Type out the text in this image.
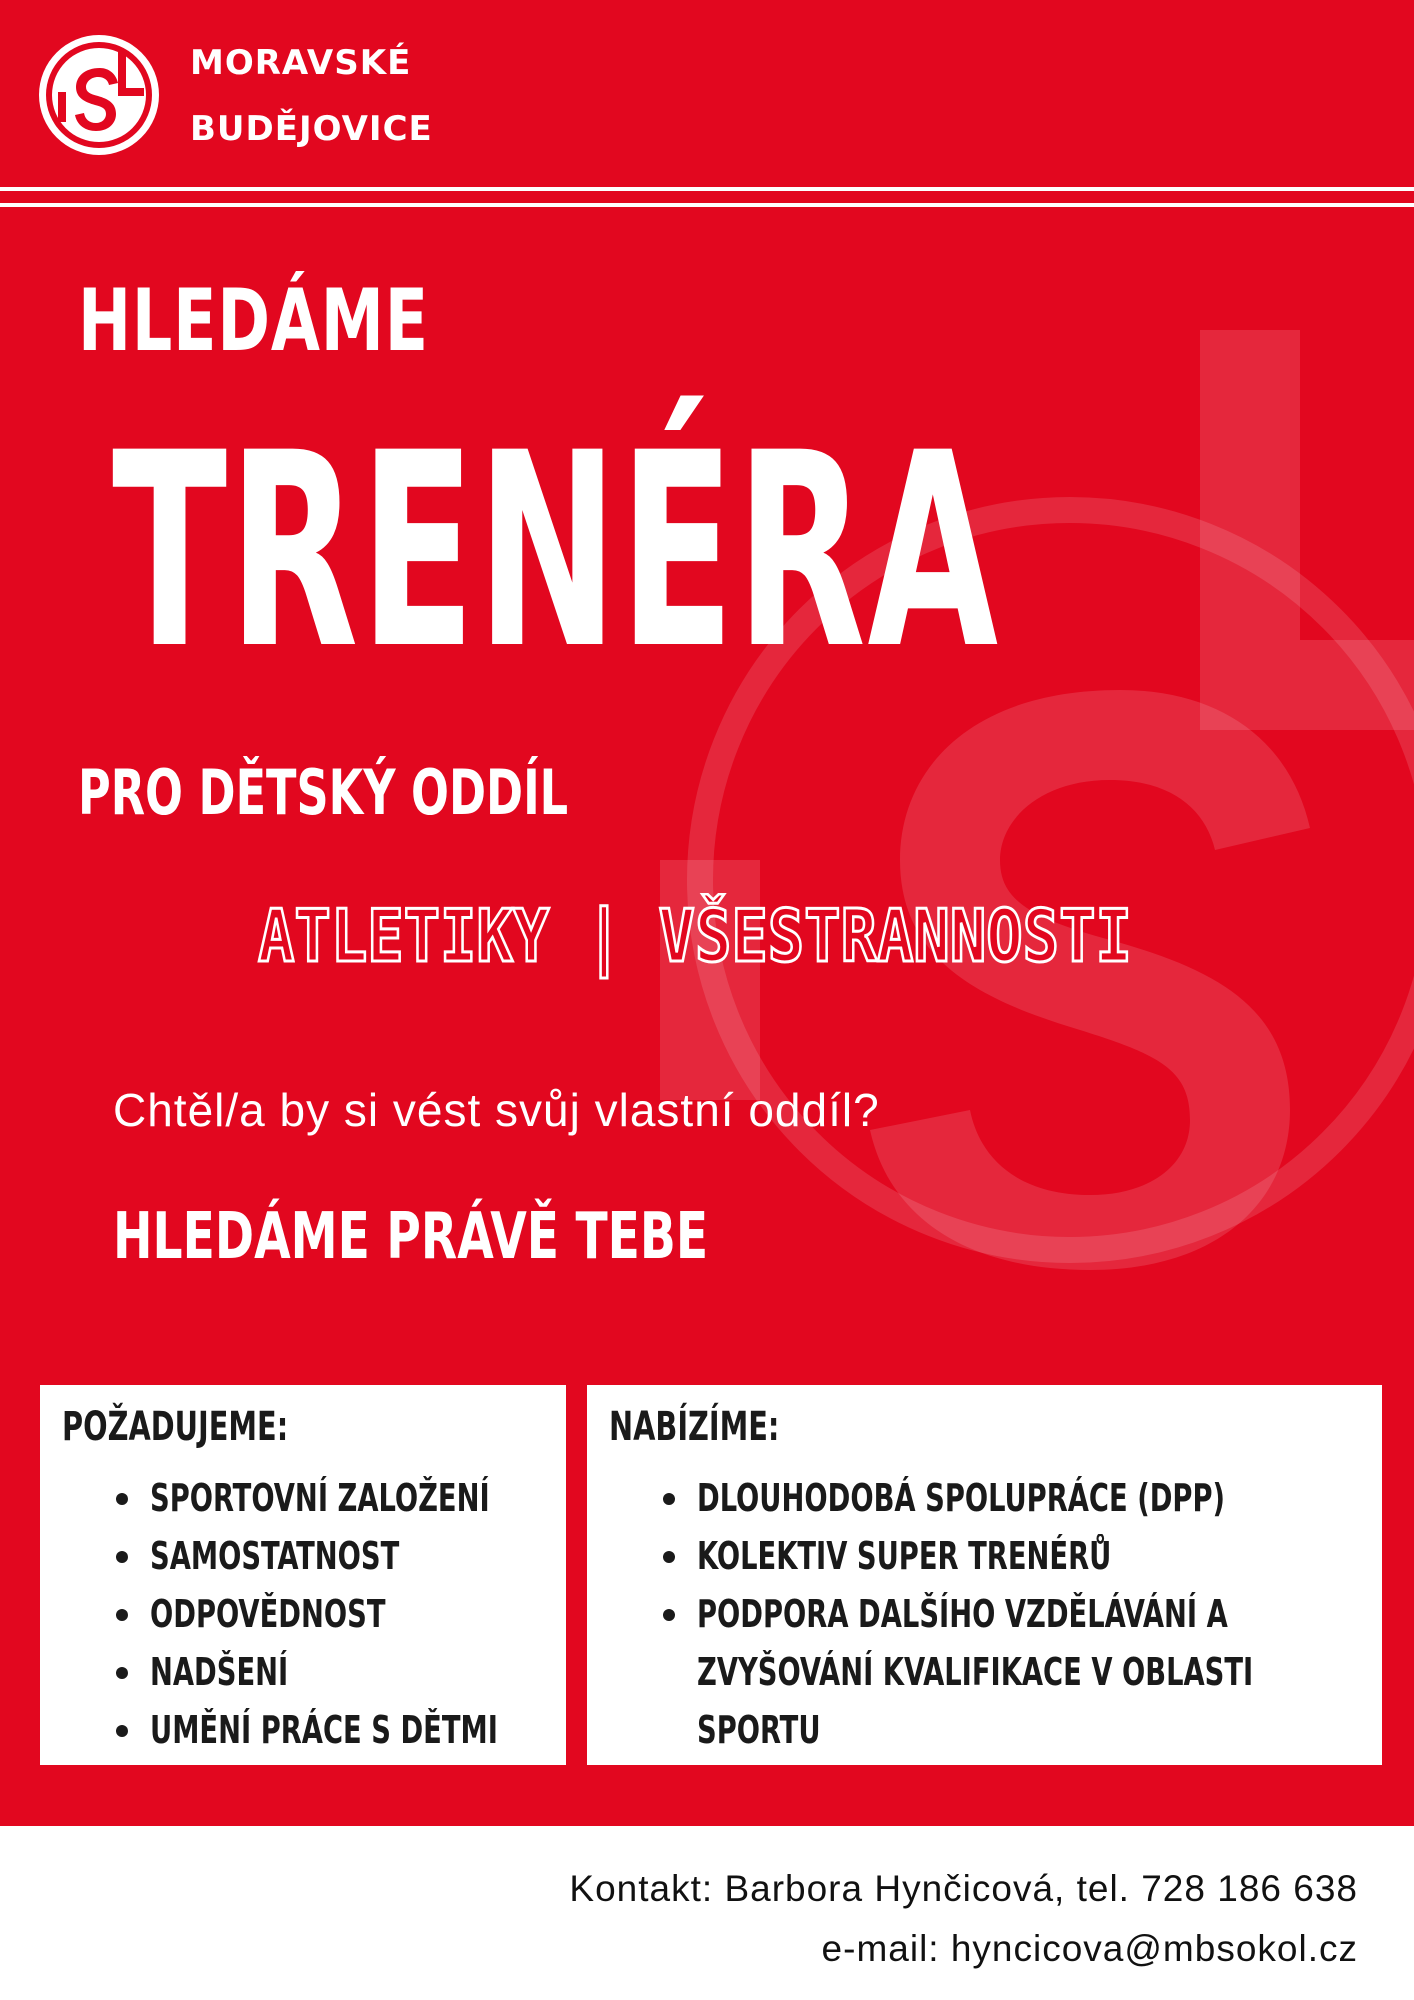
MORAVSKÉ
BUDĚJOVICE
HLEDÁME
TRENÉRA
PRO DĚTSKÝ ODDÍL
ATLETIKY | VŠESTRANNOSTI
Chtěl/a by si vést svůj vlastní oddíl?
HLEDÁME PRÁVĚ TEBE
POŽADUJEME:
SPORTOVNÍ ZALOŽENÍ
SAMOSTATNOST
ODPOVĚDNOST
NADŠENÍ
UMĚNÍ PRÁCE S DĚTMI
NABÍZÍME:
DLOUHODOBÁ SPOLUPRÁCE (DPP)
KOLEKTIV SUPER TRENÉRŮ
PODPORA DALŠÍHO VZDĚLÁVÁNÍ A
ZVYŠOVÁNÍ KVALIFIKACE V OBLASTI
SPORTU
Kontakt: Barbora Hynčicová, tel. 728 186 638
e-mail: hyncicova@mbsokol.cz
